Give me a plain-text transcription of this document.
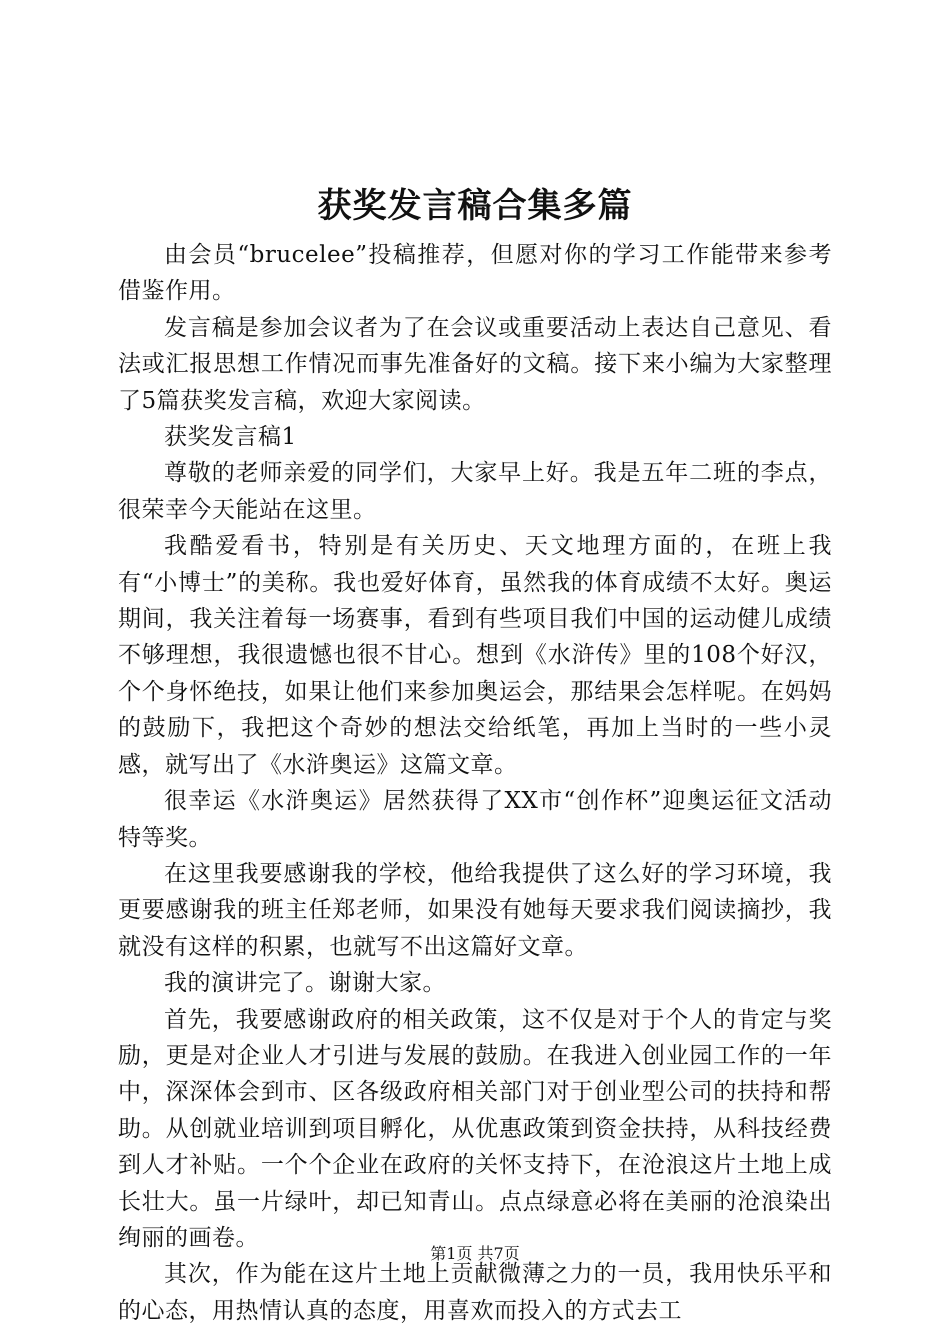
获奖发言稿合集多篇

由会员“brucelee”投稿推荐，但愿对你的学习工作能带来参考借鉴作用。

发言稿是参加会议者为了在会议或重要活动上表达自己意见、看法或汇报思想工作情况而事先准备好的文稿。接下来小编为大家整理了5篇获奖发言稿，欢迎大家阅读。

获奖发言稿1

尊敬的老师亲爱的同学们，大家早上好。我是五年二班的李点，很荣幸今天能站在这里。

我酷爱看书，特别是有关历史、天文地理方面的，在班上我有“小博士”的美称。我也爱好体育，虽然我的体育成绩不太好。奥运期间，我关注着每一场赛事，看到有些项目我们中国的运动健儿成绩不够理想，我很遗憾也很不甘心。想到《水浒传》里的108个好汉，个个身怀绝技，如果让他们来参加奥运会，那结果会怎样呢。在妈妈的鼓励下，我把这个奇妙的想法交给纸笔，再加上当时的一些小灵感，就写出了《水浒奥运》这篇文章。

很幸运《水浒奥运》居然获得了XX市“创作杯”迎奥运征文活动特等奖。

在这里我要感谢我的学校，他给我提供了这么好的学习环境，我更要感谢我的班主任郑老师，如果没有她每天要求我们阅读摘抄，我就没有这样的积累，也就写不出这篇好文章。

我的演讲完了。谢谢大家。

首先，我要感谢政府的相关政策，这不仅是对于个人的肯定与奖励，更是对企业人才引进与发展的鼓励。在我进入创业园工作的一年中，深深体会到市、区各级政府相关部门对于创业型公司的扶持和帮助。从创就业培训到项目孵化，从优惠政策到资金扶持，从科技经费到人才补贴。一个个企业在政府的关怀支持下，在沧浪这片土地上成长壮大。虽一片绿叶，却已知青山。点点绿意必将在美丽的沧浪染出绚丽的画卷。

其次，作为能在这片土地上贡献微薄之力的一员，我用快乐平和的心态，用热情认真的态度，用喜欢而投入的方式去工

第1页 共7页
